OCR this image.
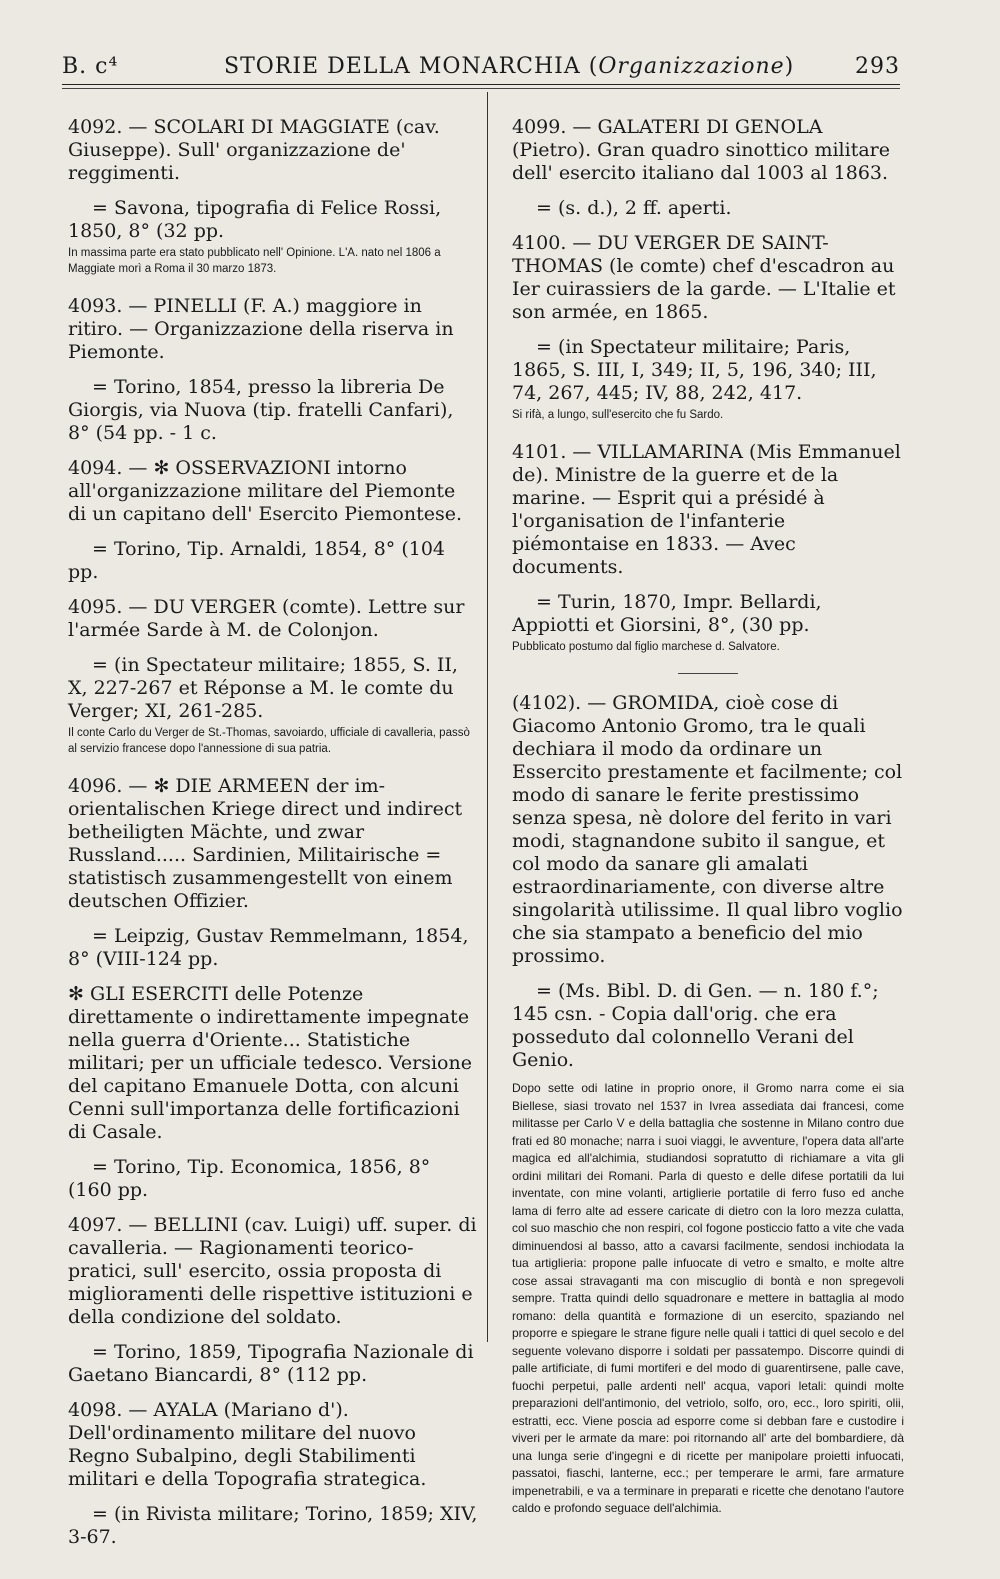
B. c⁴	STORIE DELLA MONARCHIA (Organizzazione)	293

4092. — SCOLARI DI MAGGIATE (cav. Giuseppe). Sull' organizzazione de' reggimenti.

= Savona, tipografia di Felice Rossi, 1850, 8° (32 pp.

In massima parte era stato pubblicato nell' Opinione. L'A. nato nel 1806 a Maggiate morì a Roma il 30 marzo 1873.

4093. — PINELLI (F. A.) maggiore in ritiro. — Organizzazione della riserva in Piemonte.

= Torino, 1854, presso la libreria De Giorgis, via Nuova (tip. fratelli Canfari), 8° (54 pp. - 1 c.

4094. — ✻ OSSERVAZIONI intorno all'organizzazione militare del Piemonte di un capitano dell' Esercito Piemontese.

= Torino, Tip. Arnaldi, 1854, 8° (104 pp.

4095. — DU VERGER (comte). Lettre sur l'armée Sarde à M. de Colonjon.

= (in Spectateur militaire; 1855, S. II, X, 227-267 et Réponse a M. le comte du Verger; XI, 261-285.

Il conte Carlo du Verger de St.-Thomas, savoiardo, ufficiale di cavalleria, passò al servizio francese dopo l'annessione di sua patria.

4096. — ✻ DIE ARMEEN der im-orientalischen Kriege direct und indirect betheiligten Mächte, und zwar Russland..... Sardinien, Militairische = statistisch zusammengestellt von einem deutschen Offizier.

= Leipzig, Gustav Remmelmann, 1854, 8° (VIII-124 pp.

✻ GLI ESERCITI delle Potenze direttamente o indirettamente impegnate nella guerra d'Oriente... Statistiche militari; per un ufficiale tedesco. Versione del capitano Emanuele Dotta, con alcuni Cenni sull'importanza delle fortificazioni di Casale.

= Torino, Tip. Economica, 1856, 8° (160 pp.

4097. — BELLINI (cav. Luigi) uff. super. di cavalleria. — Ragionamenti teorico-pratici, sull' esercito, ossia proposta di miglioramenti delle rispettive istituzioni e della condizione del soldato.

= Torino, 1859, Tipografia Nazionale di Gaetano Biancardi, 8° (112 pp.

4098. — AYALA (Mariano d'). Dell'ordinamento militare del nuovo Regno Subalpino, degli Stabilimenti militari e della Topografia strategica.

= (in Rivista militare; Torino, 1859; XIV, 3-67.

4099. — GALATERI DI GENOLA (Pietro). Gran quadro sinottico militare dell' esercito italiano dal 1003 al 1863.

= (s. d.), 2 ff. aperti.

4100. — DU VERGER DE SAINT-THOMAS (le comte) chef d'escadron au Ier cuirassiers de la garde. — L'Italie et son armée, en 1865.

= (in Spectateur militaire; Paris, 1865, S. III, I, 349; II, 5, 196, 340; III, 74, 267, 445; IV, 88, 242, 417.

Si rifà, a lungo, sull'esercito che fu Sardo.

4101. — VILLAMARINA (Mis Emmanuel de). Ministre de la guerre et de la marine. — Esprit qui a présidé à l'organisation de l'infanterie piémontaise en 1833. — Avec documents.

= Turin, 1870, Impr. Bellardi, Appiotti et Giorsini, 8°, (30 pp.

Pubblicato postumo dal figlio marchese d. Salvatore.

(4102). — GROMIDA, cioè cose di Giacomo Antonio Gromo, tra le quali dechiara il modo da ordinare un Essercito prestamente et facilmente; col modo di sanare le ferite prestissimo senza spesa, nè dolore del ferito in vari modi, stagnandone subito il sangue, et col modo da sanare gli amalati estraordinariamente, con diverse altre singolarità utilissime. Il qual libro voglio che sia stampato a beneficio del mio prossimo.

= (Ms. Bibl. D. di Gen. — n. 180 f.°; 145 csn. - Copia dall'orig. che era posseduto dal colonnello Verani del Genio.

Dopo sette odi latine in proprio onore, il Gromo narra come ei sia Biellese, siasi trovato nel 1537 in Ivrea assediata dai francesi, come militasse per Carlo V e della battaglia che sostenne in Milano contro due frati ed 80 monache; narra i suoi viaggi, le avventure, l'opera data all'arte magica ed all'alchimia, studiandosi sopratutto di richiamare a vita gli ordini militari dei Romani. Parla di questo e delle difese portatili da lui inventate, con mine volanti, artiglierie portatile di ferro fuso ed anche lama di ferro alte ad essere caricate di dietro con la loro mezza culatta, col suo maschio che non respiri, col fogone posticcio fatto a vite che vada diminuendosi al basso, atto a cavarsi facilmente, sendosi inchiodata la tua artiglieria: propone palle infuocate di vetro e smalto, e molte altre cose assai stravaganti ma con miscuglio di bontà e non spregevoli sempre. Tratta quindi dello squadronare e mettere in battaglia al modo romano: della quantità e formazione di un esercito, spaziando nel proporre e spiegare le strane figure nelle quali i tattici di quel secolo e del seguente volevano disporre i soldati per passatempo. Discorre quindi di palle artificiate, di fumi mortiferi e del modo di guarentirsene, palle cave, fuochi perpetui, palle ardenti nell' acqua, vapori letali: quindi molte preparazioni dell'antimonio, del vetriolo, solfo, oro, ecc., loro spiriti, olii, estratti, ecc. Viene poscia ad esporre come si debban fare e custodire i viveri per le armate da mare: poi ritornando all' arte del bombardiere, dà una lunga serie d'ingegni e di ricette per manipolare proietti infuocati, passatoi, fiaschi, lanterne, ecc.; per temperare le armi, fare armature impenetrabili, e va a terminare in preparati e ricette che denotano l'autore caldo e profondo seguace dell'alchimia.
